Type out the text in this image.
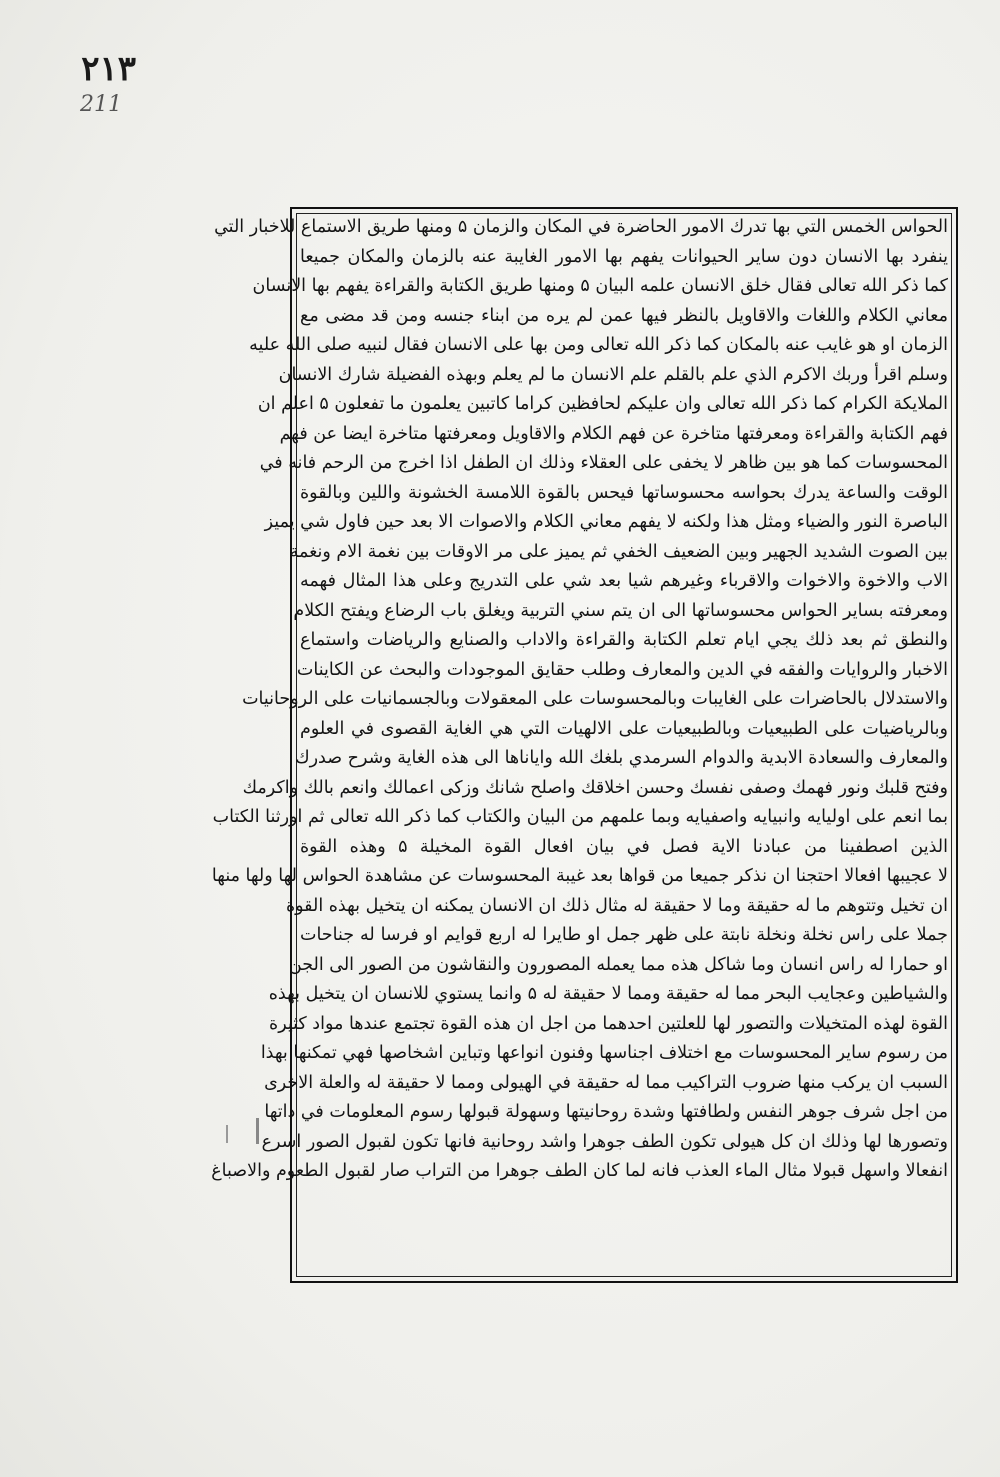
٢١٣
211
الحواس الخمس التي بها تدرك الامور الحاضرة في المكان والزمان ۵ ومنها طريق الاستماع للاخبار التي
ينفرد بها الانسان دون ساير الحيوانات يفهم بها الامور الغايبة عنه بالزمان والمكان جميعا
كما ذكر الله تعالى فقال خلق الانسان علمه البيان ۵ ومنها طريق الكتابة والقراءة يفهم بها الانسان
معاني الكلام واللغات والاقاويل بالنظر فيها عمن لم يره من ابناء جنسه ومن قد مضى مع
الزمان او هو غايب عنه بالمكان كما ذكر الله تعالى ومن بها على الانسان فقال لنبيه صلى الله عليه
وسلم اقرأ وربك الاكرم الذي علم بالقلم علم الانسان ما لم يعلم وبهذه الفضيلة شارك الانسان
الملايكة الكرام كما ذكر الله تعالى وان عليكم لحافظين كراما كاتبين يعلمون ما تفعلون ۵ اعلم ان
فهم الكتابة والقراءة ومعرفتها متاخرة عن فهم الكلام والاقاويل ومعرفتها متاخرة ايضا عن فهم
المحسوسات كما هو بين ظاهر لا يخفى على العقلاء وذلك ان الطفل اذا اخرج من الرحم فانه في
الوقت والساعة يدرك بحواسه محسوساتها فيحس بالقوة اللامسة الخشونة واللين وبالقوة
الباصرة النور والضياء ومثل هذا ولكنه لا يفهم معاني الكلام والاصوات الا بعد حين فاول شي يميز
بين الصوت الشديد الجهير وبين الضعيف الخفي ثم يميز على مر الاوقات بين نغمة الام ونغمة
الاب والاخوة والاخوات والاقرباء وغيرهم شيا بعد شي على التدريج وعلى هذا المثال فهمه
ومعرفته بساير الحواس محسوساتها الى ان يتم سني التربية ويغلق باب الرضاع ويفتح الكلام
والنطق ثم بعد ذلك يجي ايام تعلم الكتابة والقراءة والاداب والصنايع والرياضات واستماع
الاخبار والروايات والفقه في الدين والمعارف وطلب حقايق الموجودات والبحث عن الكاينات
والاستدلال بالحاضرات على الغايبات وبالمحسوسات على المعقولات وبالجسمانيات على الروحانيات
وبالرياضيات على الطبيعيات وبالطبيعيات على الالهيات التي هي الغاية القصوى في العلوم
والمعارف والسعادة الابدية والدوام السرمدي بلغك الله واياناها الى هذه الغاية وشرح صدرك
وفتح قلبك ونور فهمك وصفى نفسك وحسن اخلاقك واصلح شانك وزكى اعمالك وانعم بالك واكرمك
بما انعم على اوليايه وانبيايه واصفيايه وبما علمهم من البيان والكتاب كما ذكر الله تعالى ثم اورثنا الكتاب
الذين اصطفينا من عبادنا الاية فصل في بيان افعال القوة المخيلة ۵ وهذه القوة
لا عجيبها افعالا احتجنا ان نذكر جميعا من قواها بعد غيبة المحسوسات عن مشاهدة الحواس لها ولها منها
ان تخيل وتتوهم ما له حقيقة وما لا حقيقة له مثال ذلك ان الانسان يمكنه ان يتخيل بهذه القوة
جملا على راس نخلة ونخلة نابتة على ظهر جمل او طايرا له اربع قوايم او فرسا له جناحات
او حمارا له راس انسان وما شاكل هذه مما يعمله المصورون والنقاشون من الصور الى الجن
والشياطين وعجايب البحر مما له حقيقة ومما لا حقيقة له ۵ وانما يستوي للانسان ان يتخيل بهذه
القوة لهذه المتخيلات والتصور لها للعلتين احدهما من اجل ان هذه القوة تجتمع عندها مواد كثيرة
من رسوم ساير المحسوسات مع اختلاف اجناسها وفنون انواعها وتباين اشخاصها فهي تمكنها بهذا
السبب ان يركب منها ضروب التراكيب مما له حقيقة في الهيولى ومما لا حقيقة له والعلة الاخرى
من اجل شرف جوهر النفس ولطافتها وشدة روحانيتها وسهولة قبولها رسوم المعلومات في ذاتها
وتصورها لها وذلك ان كل هيولى تكون الطف جوهرا واشد روحانية فانها تكون لقبول الصور اسرع
انفعالا واسهل قبولا مثال الماء العذب فانه لما كان الطف جوهرا من التراب صار لقبول الطعوم والاصباغ
